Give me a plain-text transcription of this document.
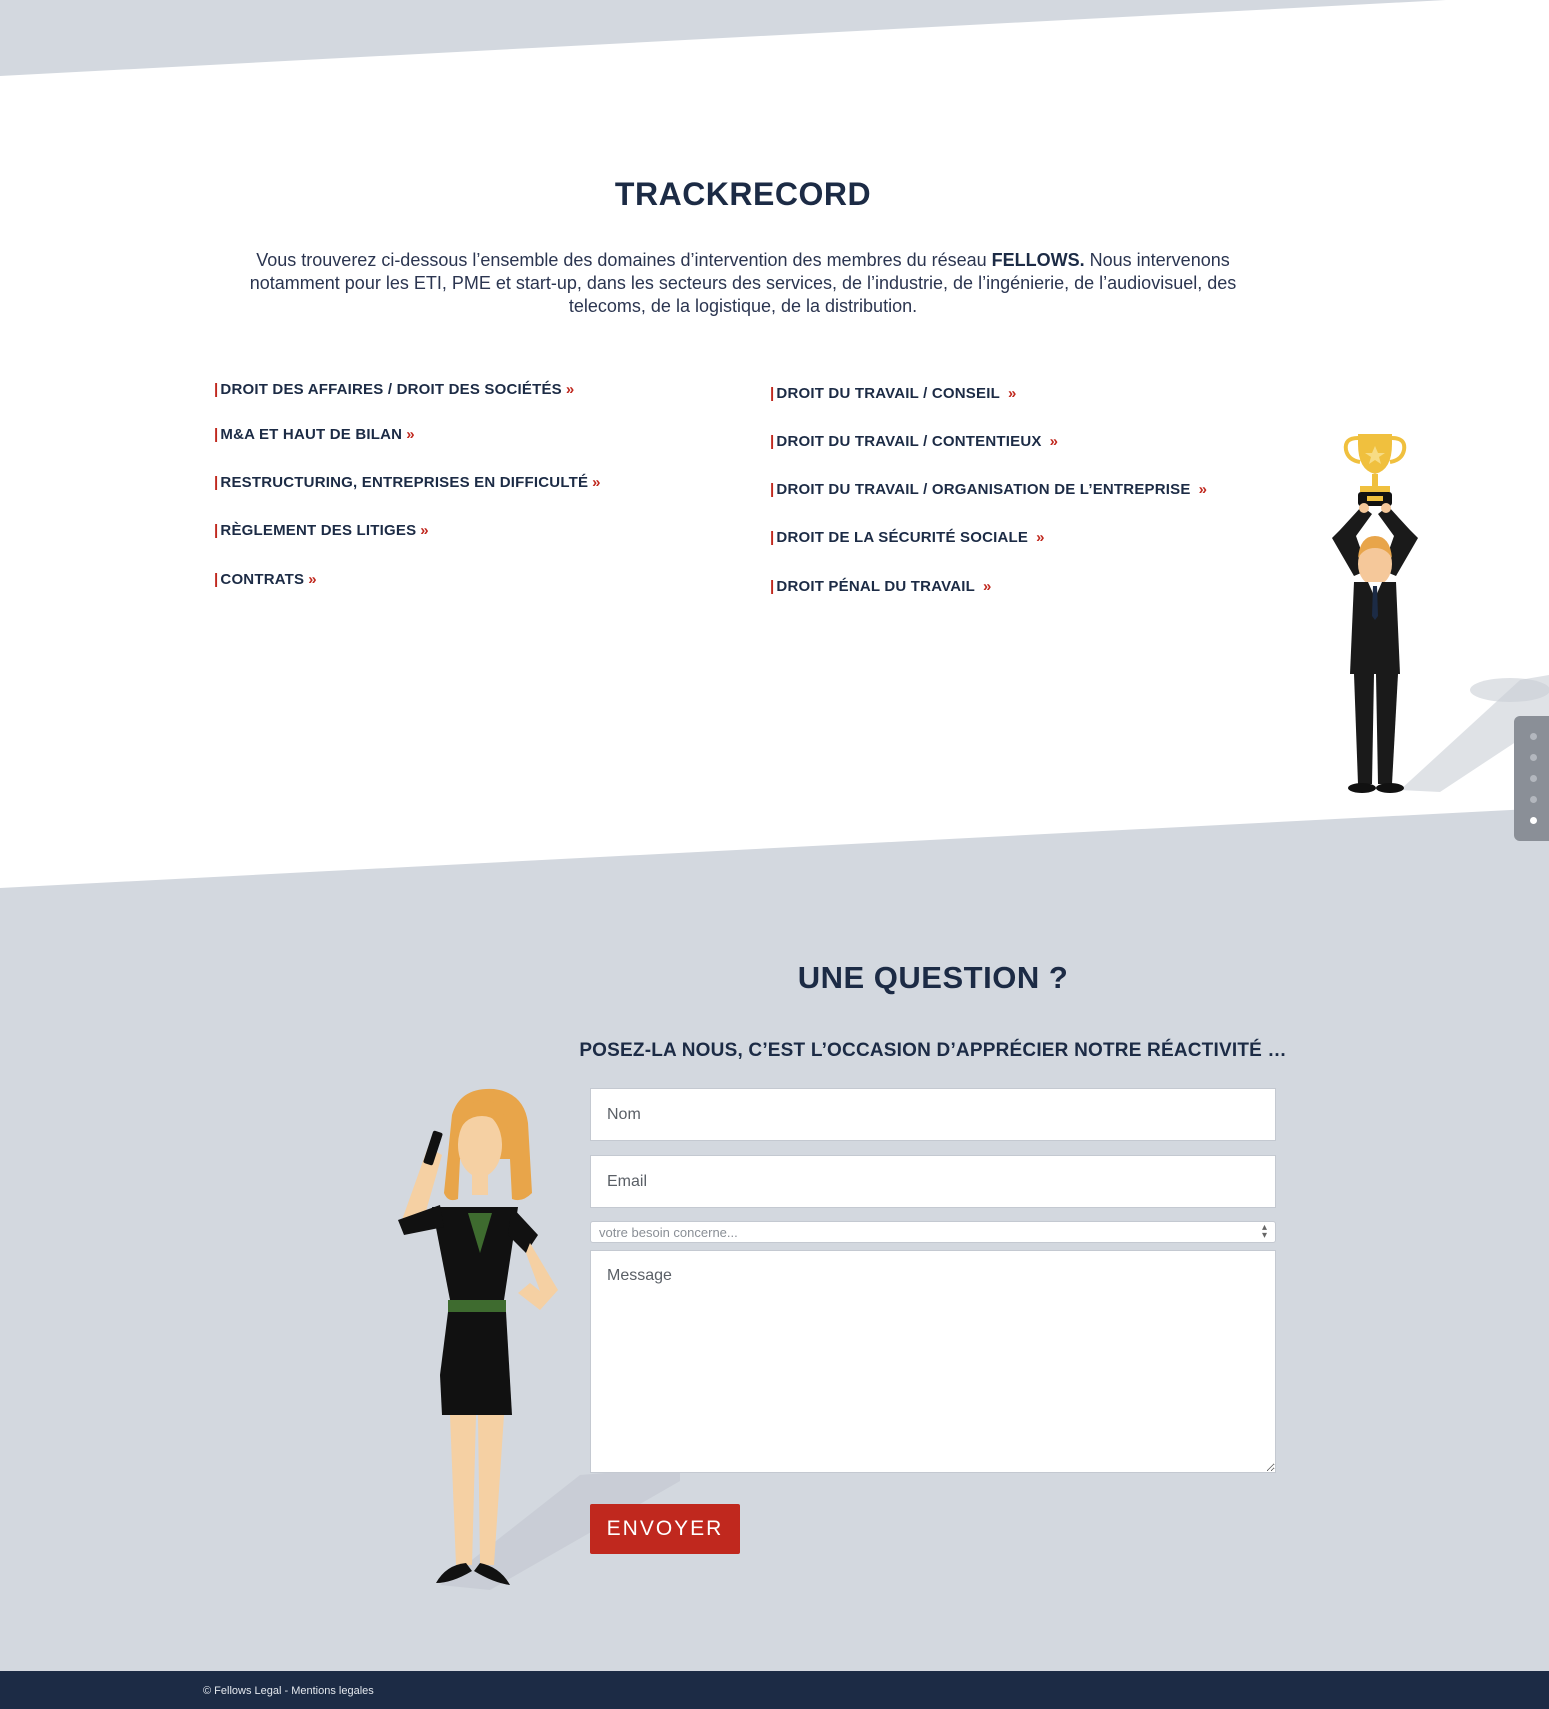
TRACKRECORD

Vous trouverez ci-dessous l’ensemble des domaines d’intervention des membres du réseau FELLOWS. Nous intervenons notamment pour les ETI, PME et start-up, dans les secteurs des services, de l’industrie, de l’ingénierie, de l’audiovisuel, des telecoms, de la logistique, de la distribution.

| DROIT DES AFFAIRES / DROIT DES SOCIÉTÉS »
| M&A ET HAUT DE BILAN »
| RESTRUCTURING, ENTREPRISES EN DIFFICULTÉ »
| RÈGLEMENT DES LITIGES »
| CONTRATS »
| DROIT DU TRAVAIL / CONSEIL »
| DROIT DU TRAVAIL / CONTENTIEUX »
| DROIT DU TRAVAIL / ORGANISATION DE L’ENTREPRISE »
| DROIT DE LA SÉCURITÉ SOCIALE »
| DROIT PÉNAL DU TRAVAIL »
UNE QUESTION ?
POSEZ-LA NOUS, C’EST L’OCCASION D’APPRÉCIER NOTRE RÉACTIVITÉ …
Nom
Email
votre besoin concerne...	▴
▾
Message
ENVOYER
© Fellows Legal - Mentions legales
